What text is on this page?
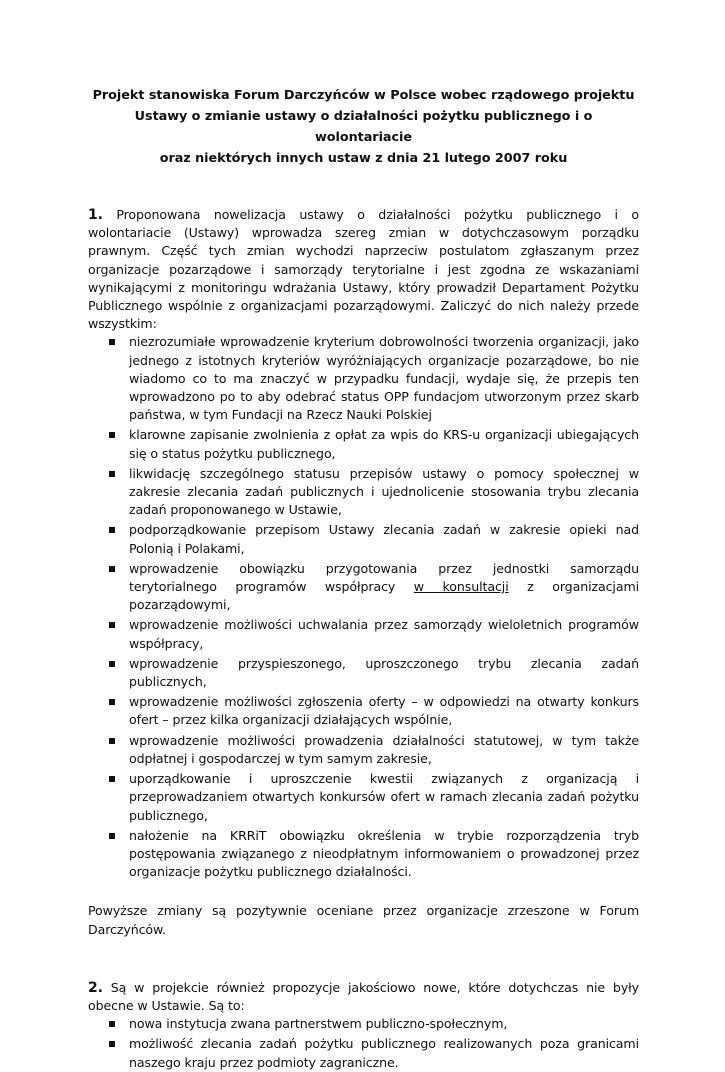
Projekt stanowiska Forum Darczyńców w Polsce wobec rządowego projektu
Ustawy o zmianie ustawy o działalności pożytku publicznego i o wolontariacie
oraz niektórych innych ustaw z dnia 21 lutego 2007 roku

1. Proponowana nowelizacja ustawy o działalności pożytku publicznego i o wolontariacie (Ustawy) wprowadza szereg zmian w dotychczasowym porządku prawnym. Część tych zmian wychodzi naprzeciw postulatom zgłaszanym przez organizacje pozarządowe i samorządy terytorialne i jest zgodna ze wskazaniami wynikającymi z monitoringu wdrażania Ustawy, który prowadził Departament Pożytku Publicznego wspólnie z organizacjami pozarządowymi. Zaliczyć do nich należy przede wszystkim:

niezrozumiałe wprowadzenie kryterium dobrowolności tworzenia organizacji, jako jednego z istotnych kryteriów wyróżniających organizacje pozarządowe, bo nie wiadomo co to ma znaczyć w przypadku fundacji, wydaje się, że przepis ten wprowadzono po to aby odebrać status OPP fundacjom utworzonym przez skarb państwa, w tym Fundacji na Rzecz Nauki Polskiej
klarowne zapisanie zwolnienia z opłat za wpis do KRS-u organizacji ubiegających się o status pożytku publicznego,
likwidację szczególnego statusu przepisów ustawy o pomocy społecznej w zakresie zlecania zadań publicznych i ujednolicenie stosowania trybu zlecania zadań proponowanego w Ustawie,
podporządkowanie przepisom Ustawy zlecania zadań w zakresie opieki nad Polonią i Polakami,
wprowadzenie obowiązku przygotowania przez jednostki samorządu terytorialnego programów współpracy w konsultacji z organizacjami pozarządowymi,
wprowadzenie możliwości uchwalania przez samorządy wieloletnich programów współpracy,
wprowadzenie przyspieszonego, uproszczonego trybu zlecania zadań publicznych,
wprowadzenie możliwości zgłoszenia oferty – w odpowiedzi na otwarty konkurs ofert – przez kilka organizacji działających wspólnie,
wprowadzenie możliwości prowadzenia działalności statutowej, w tym także odpłatnej i gospodarczej w tym samym zakresie,
uporządkowanie i uproszczenie kwestii związanych z organizacją i przeprowadzaniem otwartych konkursów ofert w ramach zlecania zadań pożytku publicznego,
nałożenie na KRRiT obowiązku określenia w trybie rozporządzenia tryb postępowania związanego z nieodpłatnym informowaniem o prowadzonej przez organizacje pożytku publicznego działalności.

Powyższe zmiany są pozytywnie oceniane przez organizacje zrzeszone w Forum Darczyńców.

2. Są w projekcie również propozycje jakościowo nowe, które dotychczas nie były obecne w Ustawie. Są to:

nowa instytucja zwana partnerstwem publiczno-społecznym,
możliwość zlecania zadań pożytku publicznego realizowanych poza granicami naszego kraju przez podmioty zagraniczne.
